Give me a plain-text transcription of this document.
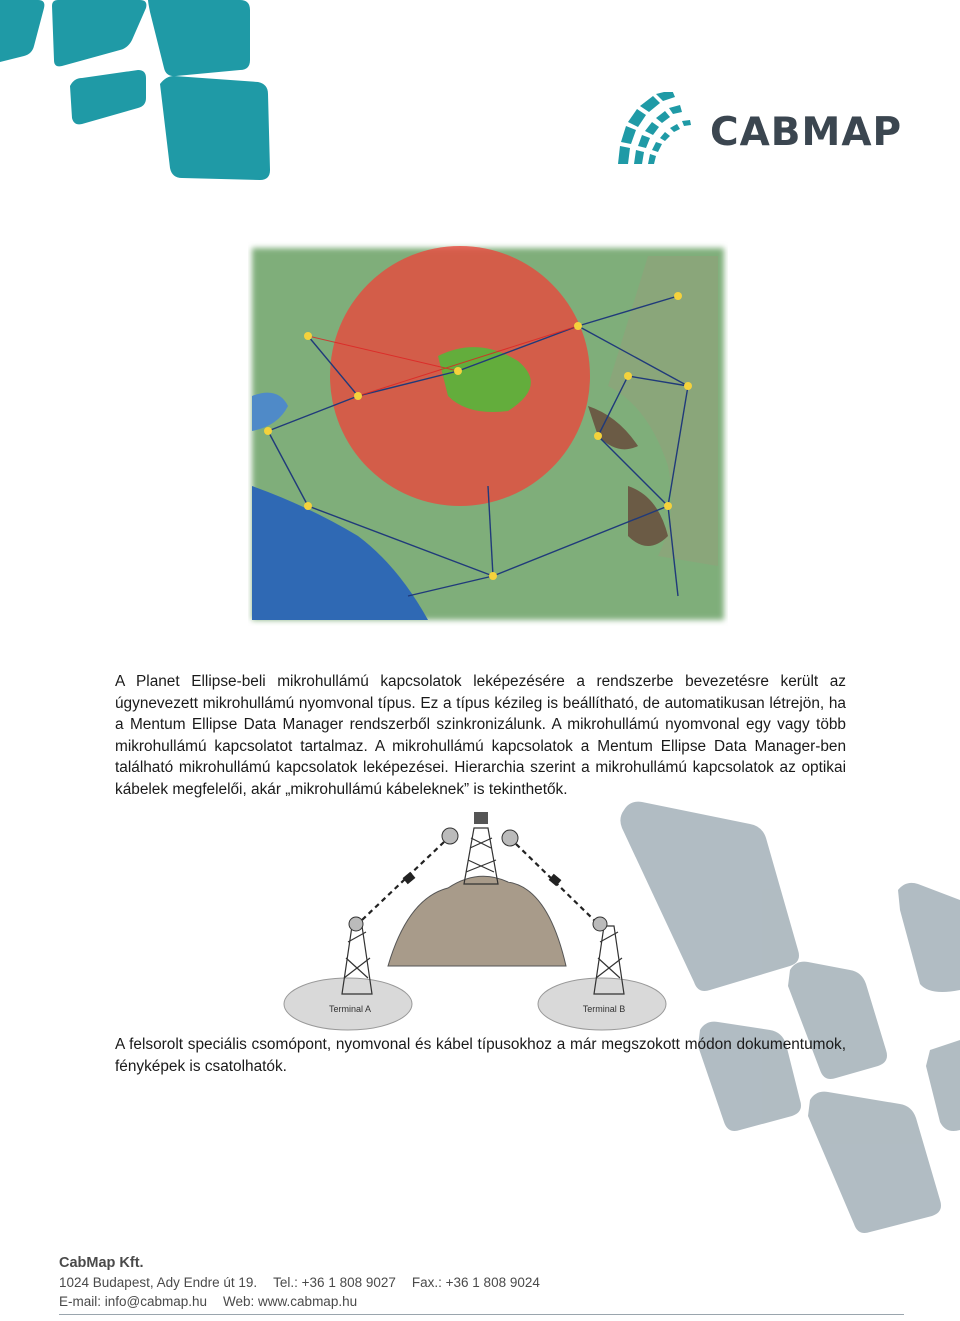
CABMAP
A Planet Ellipse-beli mikrohullámú kapcsolatok leképezésére a rendszerbe bevezetésre került az úgynevezett mikrohullámú nyomvonal típus. Ez a típus kézileg is beállítható, de automatikusan létrejön, ha a Mentum Ellipse Data Manager rendszerből szinkronizálunk. A mikrohullámú nyomvonal egy vagy több mikrohullámú kapcsolatot tartalmaz. A mikrohullámú kapcsolatok a Mentum Ellipse Data Manager-ben található mikrohullámú kapcsolatok leképezései. Hierarchia szerint a mikrohullámú kapcsolatok az optikai kábelek megfelelői, akár „mikrohullámú kábeleknek” is tekinthetők.
Terminal A	Terminal B
A felsorolt speciális csomópont, nyomvonal és kábel típusokhoz a már megszokott módon dokumentumok, fényképek is csatolhatók.
CabMap Kft.
1024 Budapest, Ady Endre út 19. Tel.: +36 1 808 9027 Fax.: +36 1 808 9024
E-mail: info@cabmap.hu Web: www.cabmap.hu
